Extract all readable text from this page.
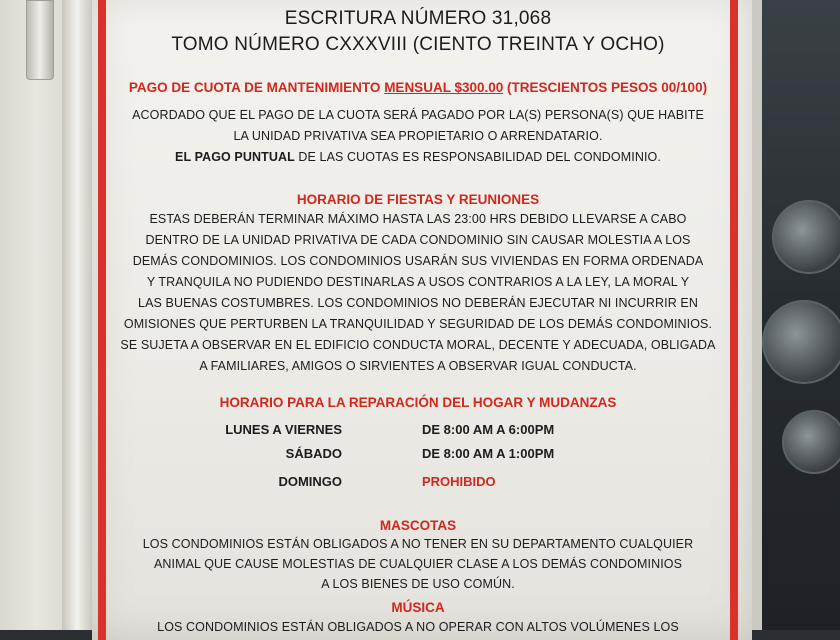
ESCRITURA NÚMERO 31,068
TOMO NÚMERO CXXXVIII (CIENTO TREINTA Y OCHO)
PAGO DE CUOTA DE MANTENIMIENTO MENSUAL $300.00 (TRESCIENTOS PESOS 00/100)
ACORDADO QUE EL PAGO DE LA CUOTA SERÁ PAGADO POR LA(S) PERSONA(S) QUE HABITE
LA UNIDAD PRIVATIVA SEA PROPIETARIO O ARRENDATARIO.
EL PAGO PUNTUAL DE LAS CUOTAS ES RESPONSABILIDAD DEL CONDOMINIO.
HORARIO DE FIESTAS Y REUNIONES
ESTAS DEBERÁN TERMINAR MÁXIMO HASTA LAS 23:00 HRS DEBIDO LLEVARSE A CABO
DENTRO DE LA UNIDAD PRIVATIVA DE CADA CONDOMINIO SIN CAUSAR MOLESTIA A LOS
DEMÁS CONDOMINIOS. LOS CONDOMINIOS USARÁN SUS VIVIENDAS EN FORMA ORDENADA
Y TRANQUILA NO PUDIENDO DESTINARLAS A USOS CONTRARIOS A LA LEY, LA MORAL Y
LAS BUENAS COSTUMBRES. LOS CONDOMINIOS NO DEBERÁN EJECUTAR NI INCURRIR EN
OMISIONES QUE PERTURBEN LA TRANQUILIDAD Y SEGURIDAD DE LOS DEMÁS CONDOMINIOS.
SE SUJETA A OBSERVAR EN EL EDIFICIO CONDUCTA MORAL, DECENTE Y ADECUADA, OBLIGADA
A FAMILIARES, AMIGOS O SIRVIENTES A OBSERVAR IGUAL CONDUCTA.
HORARIO PARA LA REPARACIÓN DEL HOGAR Y MUDANZAS
LUNES A VIERNES	DE 8:00 AM A 6:00PM
SÁBADO	DE 8:00 AM A 1:00PM
DOMINGO	PROHIBIDO
MASCOTAS
LOS CONDOMINIOS ESTÁN OBLIGADOS A NO TENER EN SU DEPARTAMENTO CUALQUIER
ANIMAL QUE CAUSE MOLESTIAS DE CUALQUIER CLASE A LOS DEMÁS CONDOMINIOS
A LOS BIENES DE USO COMÚN.
MÚSICA
LOS CONDOMINIOS ESTÁN OBLIGADOS A NO OPERAR CON ALTOS VOLÚMENES LOS
